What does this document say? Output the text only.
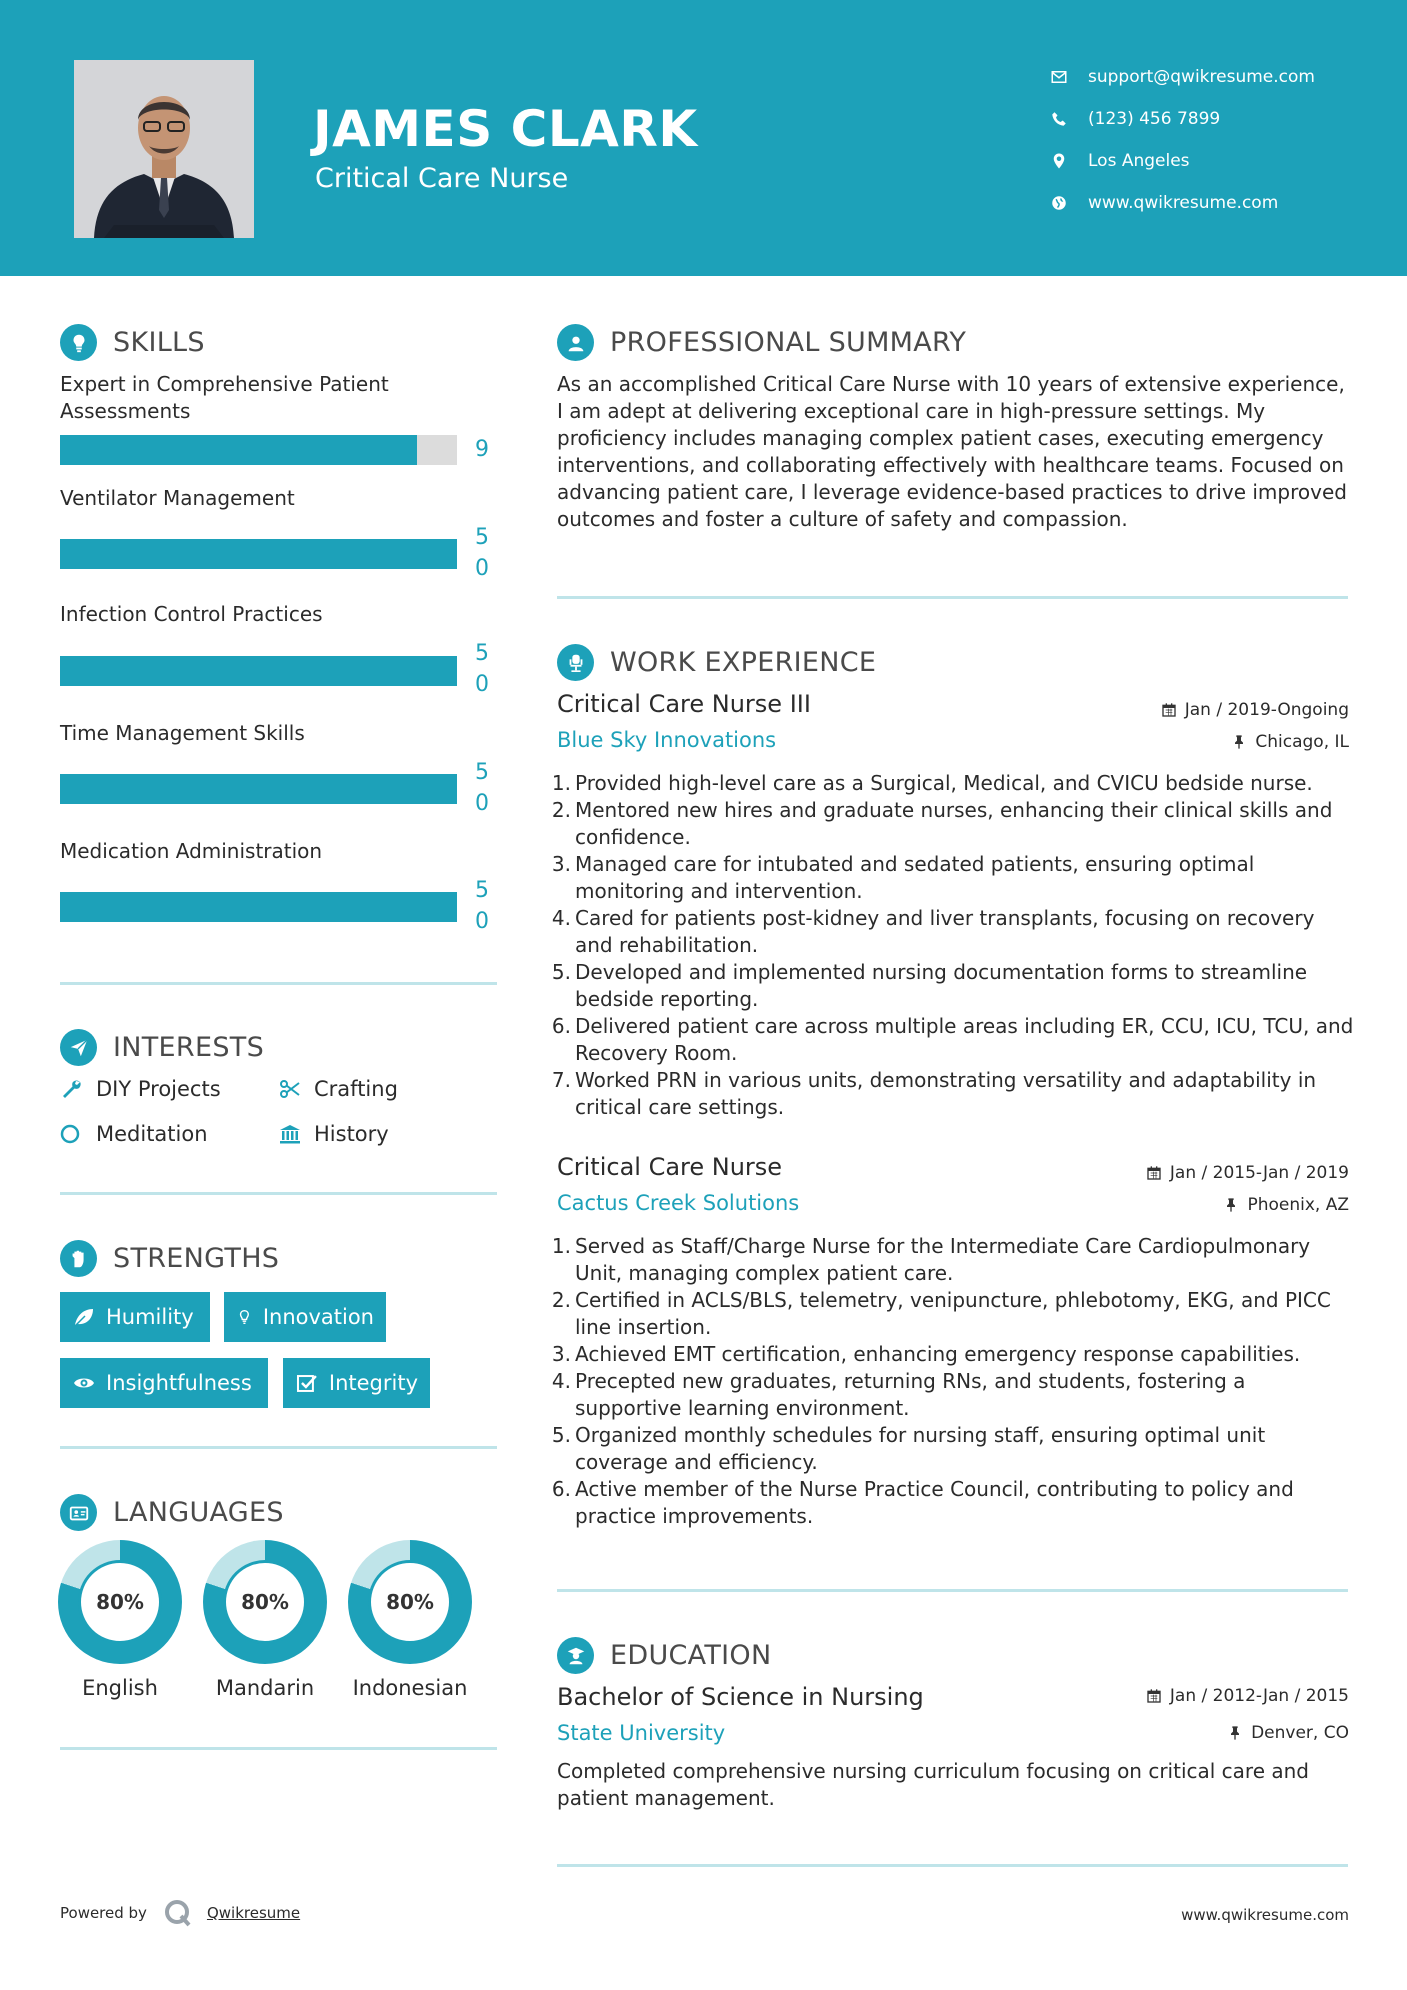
JAMES CLARK
Critical Care Nurse
support@qwikresume.com
(123) 456 7899
Los Angeles
www.qwikresume.com
SKILLS
Expert in Comprehensive Patient Assessments
9
Ventilator Management
5
0
Infection Control Practices
5
0
Time Management Skills
5
0
Medication Administration
5
0
INTERESTS
DIY Projects	Crafting
Meditation	History
STRENGTHS
Humility	Innovation
Insightfulness	Integrity
LANGUAGES
80%
English
80%
Mandarin
80%
Indonesian
PROFESSIONAL SUMMARY
As an accomplished Critical Care Nurse with 10 years of extensive experience, I am adept at delivering exceptional care in high-pressure settings. My proficiency includes managing complex patient cases, executing emergency interventions, and collaborating effectively with healthcare teams. Focused on advancing patient care, I leverage evidence-based practices to drive improved outcomes and foster a culture of safety and compassion.
WORK EXPERIENCE
Critical Care Nurse III	Jan / 2019-Ongoing
Blue Sky Innovations	Chicago, IL
1. Provided high-level care as a Surgical, Medical, and CVICU bedside nurse.
2. Mentored new hires and graduate nurses, enhancing their clinical skills and confidence.
3. Managed care for intubated and sedated patients, ensuring optimal monitoring and intervention.
4. Cared for patients post-kidney and liver transplants, focusing on recovery and rehabilitation.
5. Developed and implemented nursing documentation forms to streamline bedside reporting.
6. Delivered patient care across multiple areas including ER, CCU, ICU, TCU, and Recovery Room.
7. Worked PRN in various units, demonstrating versatility and adaptability in critical care settings.
Critical Care Nurse	Jan / 2015-Jan / 2019
Cactus Creek Solutions	Phoenix, AZ
1. Served as Staff/Charge Nurse for the Intermediate Care Cardiopulmonary Unit, managing complex patient care.
2. Certified in ACLS/BLS, telemetry, venipuncture, phlebotomy, EKG, and PICC line insertion.
3. Achieved EMT certification, enhancing emergency response capabilities.
4. Precepted new graduates, returning RNs, and students, fostering a supportive learning environment.
5. Organized monthly schedules for nursing staff, ensuring optimal unit coverage and efficiency.
6. Active member of the Nurse Practice Council, contributing to policy and practice improvements.
EDUCATION
Bachelor of Science in Nursing	Jan / 2012-Jan / 2015
State University	Denver, CO
Completed comprehensive nursing curriculum focusing on critical care and patient management.
Powered by	Qwikresume	www.qwikresume.com
